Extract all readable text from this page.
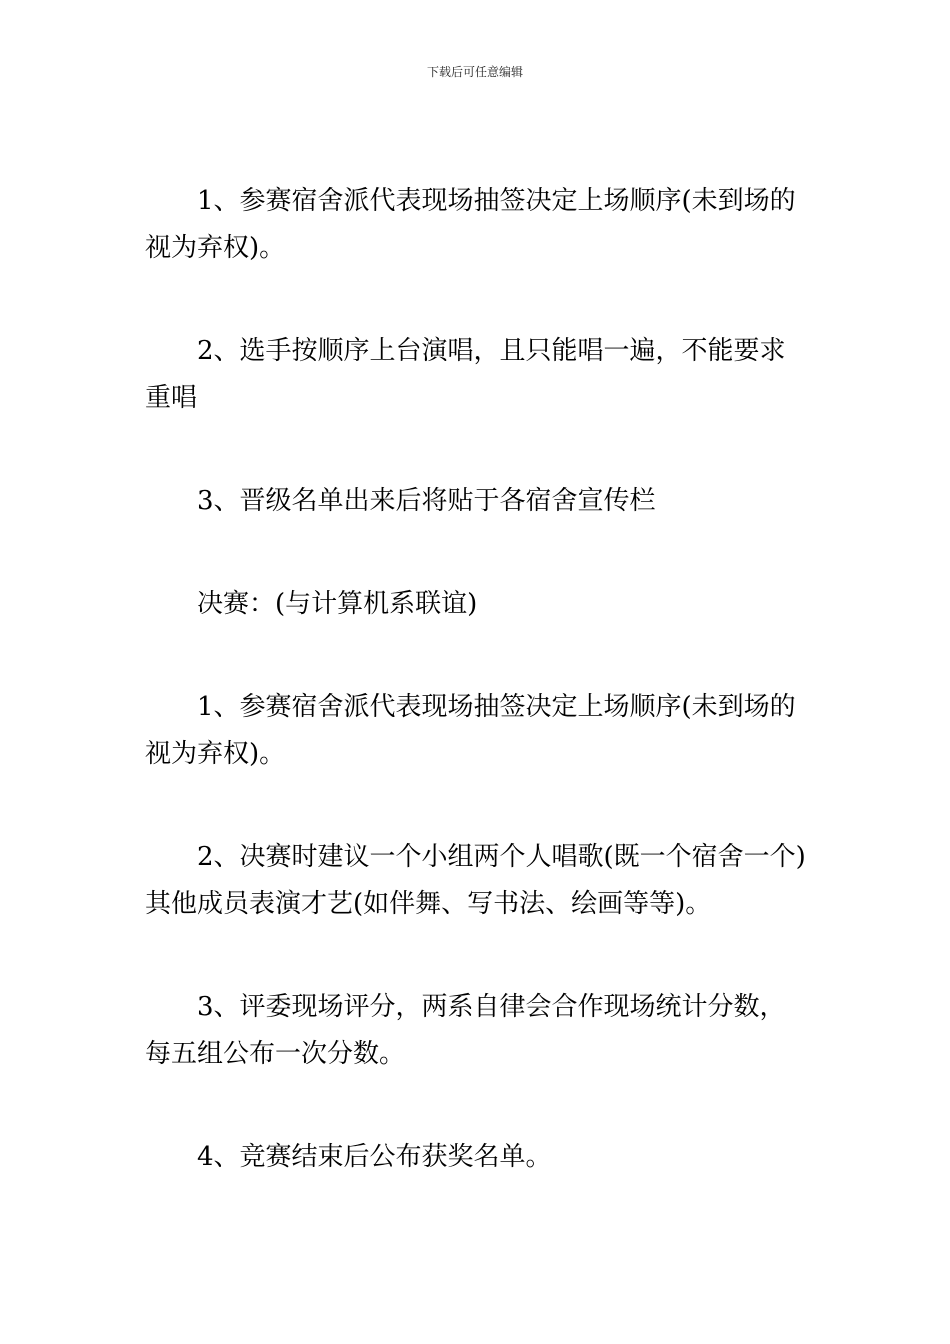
下载后可任意编辑

1、参赛宿舍派代表现场抽签决定上场顺序(未到场的视为弃权)。

2、选手按顺序上台演唱，且只能唱一遍，不能要求重唱

3、晋级名单出来后将贴于各宿舍宣传栏

决赛：(与计算机系联谊)

1、参赛宿舍派代表现场抽签决定上场顺序(未到场的视为弃权)。

2、决赛时建议一个小组两个人唱歌(既一个宿舍一个)其他成员表演才艺(如伴舞、写书法、绘画等等)。

3、评委现场评分，两系自律会合作现场统计分数，每五组公布一次分数。

4、竞赛结束后公布获奖名单。
